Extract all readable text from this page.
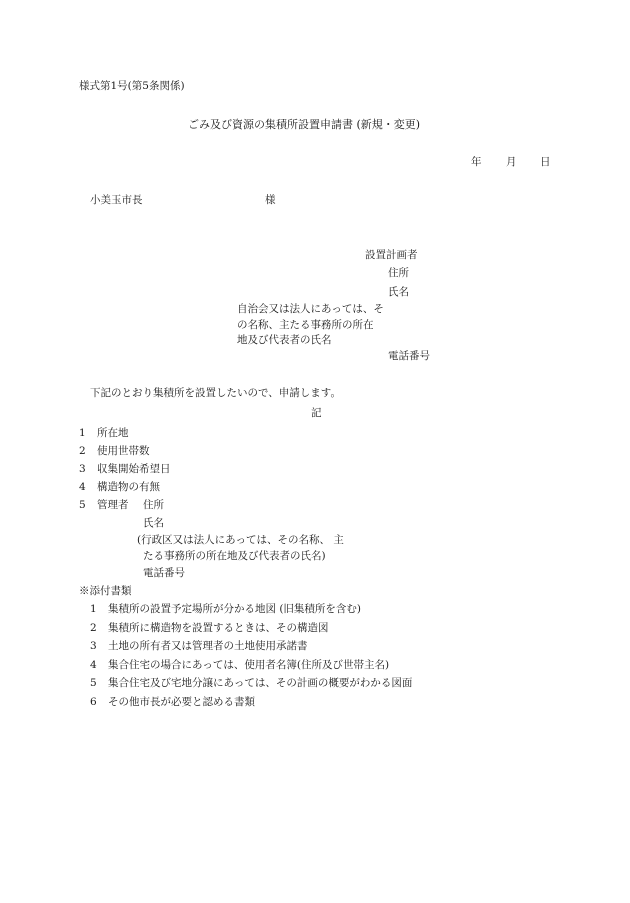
様式第1号(第5条関係)
ごみ及び資源の集積所設置申請書 (新規・変更)
年 月 日
小美玉市長	様
設置計画者
住所
氏名
自治会又は法人にあっては、そ
の名称、主たる事務所の所在
地及び代表者の氏名
電話番号
下記のとおり集積所を設置したいので、申請します。
記
1 所在地
2 使用世帯数
3 収集開始希望日
4 構造物の有無
5 管理者 住所
氏名
(行政区又は法人にあっては、その名称、 主
たる事務所の所在地及び代表者の氏名)
電話番号
※添付書類
1 集積所の設置予定場所が分かる地図 (旧集積所を含む)
2 集積所に構造物を設置するときは、その構造図
3 土地の所有者又は管理者の土地使用承諾書
4 集合住宅の場合にあっては、使用者名簿(住所及び世帯主名)
5 集合住宅及び宅地分譲にあっては、その計画の概要がわかる図面
6 その他市長が必要と認める書類
